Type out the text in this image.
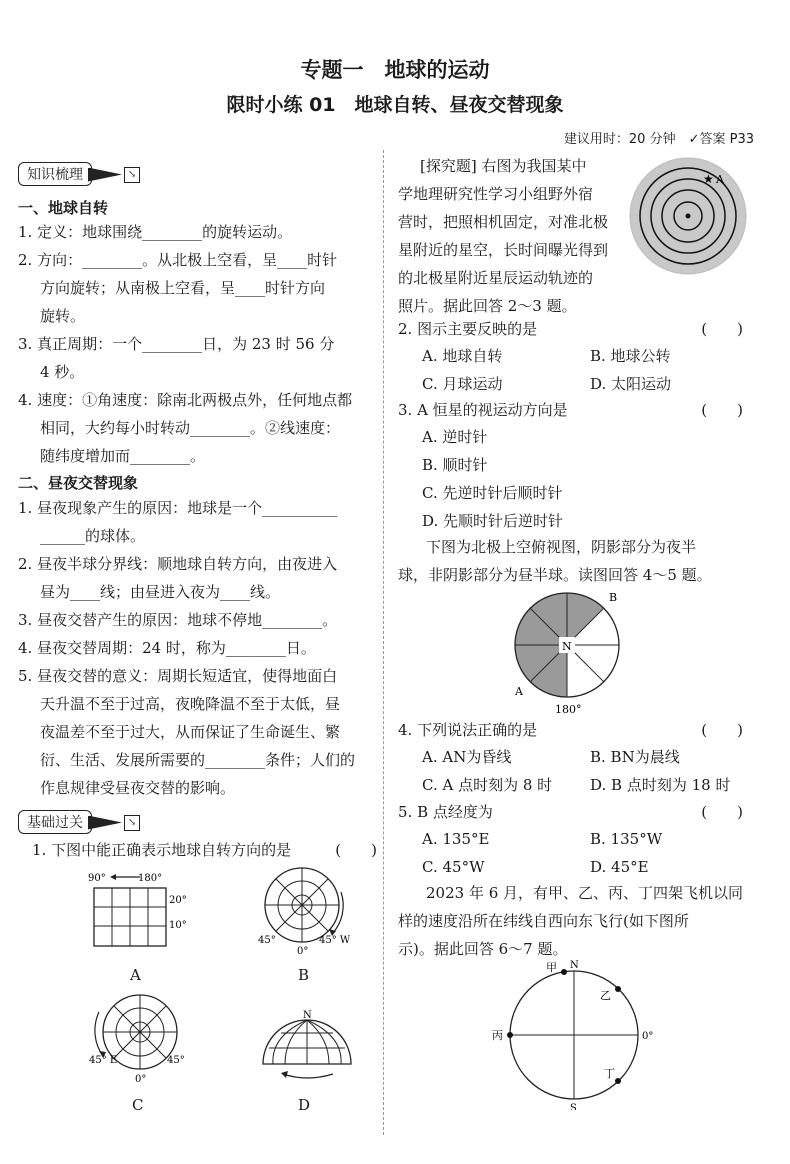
专题一　地球的运动
限时小练 01　地球自转、昼夜交替现象
建议用时：20 分钟　✓答案 P33
知识梳理	↘
一、地球自转
1. 定义：地球围绕________的旋转运动。
2. 方向：________。从北极上空看，呈____时针
方向旋转；从南极上空看，呈____时针方向
旋转。
3. 真正周期：一个________日，为 23 时 56 分
4 秒。
4. 速度：①角速度：除南北两极点外，任何地点都
相同，大约每小时转动________。②线速度：
随纬度增加而________。
二、昼夜交替现象
1. 昼夜现象产生的原因：地球是一个__________
______的球体。
2. 昼夜半球分界线：顺地球自转方向，由夜进入
昼为____线；由昼进入夜为____线。
3. 昼夜交替产生的原因：地球不停地________。
4. 昼夜交替周期：24 时，称为________日。
5. 昼夜交替的意义：周期长短适宜，使得地面白
天升温不至于过高，夜晚降温不至于太低，昼
夜温差不至于过大，从而保证了生命诞生、繁
衍、生活、发展所需要的________条件；人们的
作息规律受昼夜交替的影响。
基础过关	↘
1. 下图中能正确表示地球自转方向的是	(　　)
90°	180°
20°
10°
A
0°
45°	45° W
B
45° E	45°
0°
C
N
D
[探究题] 右图为我国某中
学地理研究性学习小组野外宿
营时，把照相机固定，对准北极
星附近的星空，长时间曝光得到
的北极星附近星辰运动轨迹的
照片。据此回答 2～3 题。
★ A
2. 图示主要反映的是	(　　)
A. 地球自转	B. 地球公转
C. 月球运动	D. 太阳运动
3. A 恒星的视运动方向是	(　　)
A. 逆时针
B. 顺时针
C. 先逆时针后顺时针
D. 先顺时针后逆时针
下图为北极上空俯视图，阴影部分为夜半
球，非阴影部分为昼半球。读图回答 4～5 题。
N
B
A
180°
4. 下列说法正确的是	(　　)
A. AN为昏线	B. BN为晨线
C. A 点时刻为 8 时	D. B 点时刻为 18 时
5. B 点经度为	(　　)
A. 135°E	B. 135°W
C. 45°W	D. 45°E
2023 年 6 月，有甲、乙、丙、丁四架飞机以同
样的速度沿所在纬线自西向东飞行(如下图所
示)。据此回答 6～7 题。
甲 N
乙
丙	0°
丁
S
